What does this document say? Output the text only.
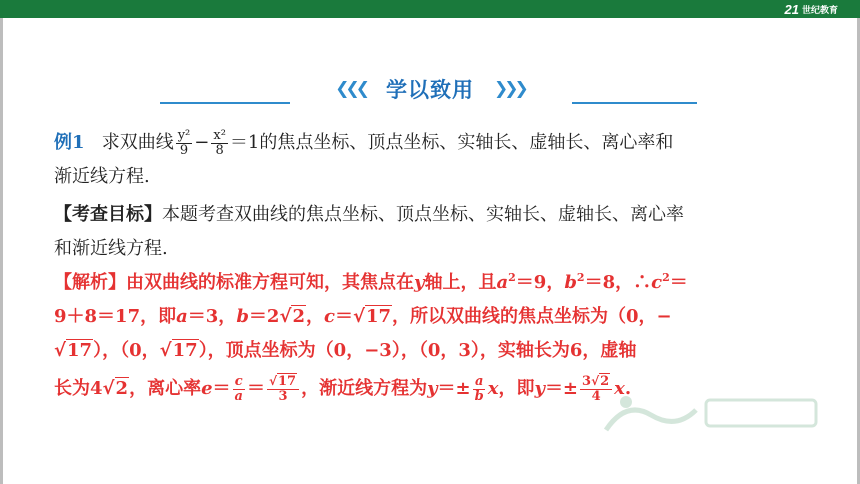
21 世纪教育
❮❮❮ 学以致用	❯❯❯
例1 求双曲线 $\frac{\text{y²}}{9} - \frac{\text{x²}}{8} =1$的焦点坐标、顶点坐标、实轴长、虚轴长、离心率和
渐近线方程.
【考查目标】本题考查双曲线的焦点坐标、顶点坐标、实轴长、虚轴长、离心率
和渐近线方程.
【解析】由双曲线的标准方程可知，其焦点在y轴上，且$a^2=9$，$b^2=8$，$\therefore c^2=$
9＋8＝17，即a＝3，b＝2√2，c＝√17，所以双曲线的焦点坐标为（0，−
√17），（0，√17），顶点坐标为（0，−3），（0，3），实轴长为6，虚轴
长为4√2，离心率$e= \frac{c}{a} = \frac{√17}{3}$ ，渐近线方程为$y=\pm \frac{a}{b}$ x，即$y=\pm \frac{3√2}{4} x$.
